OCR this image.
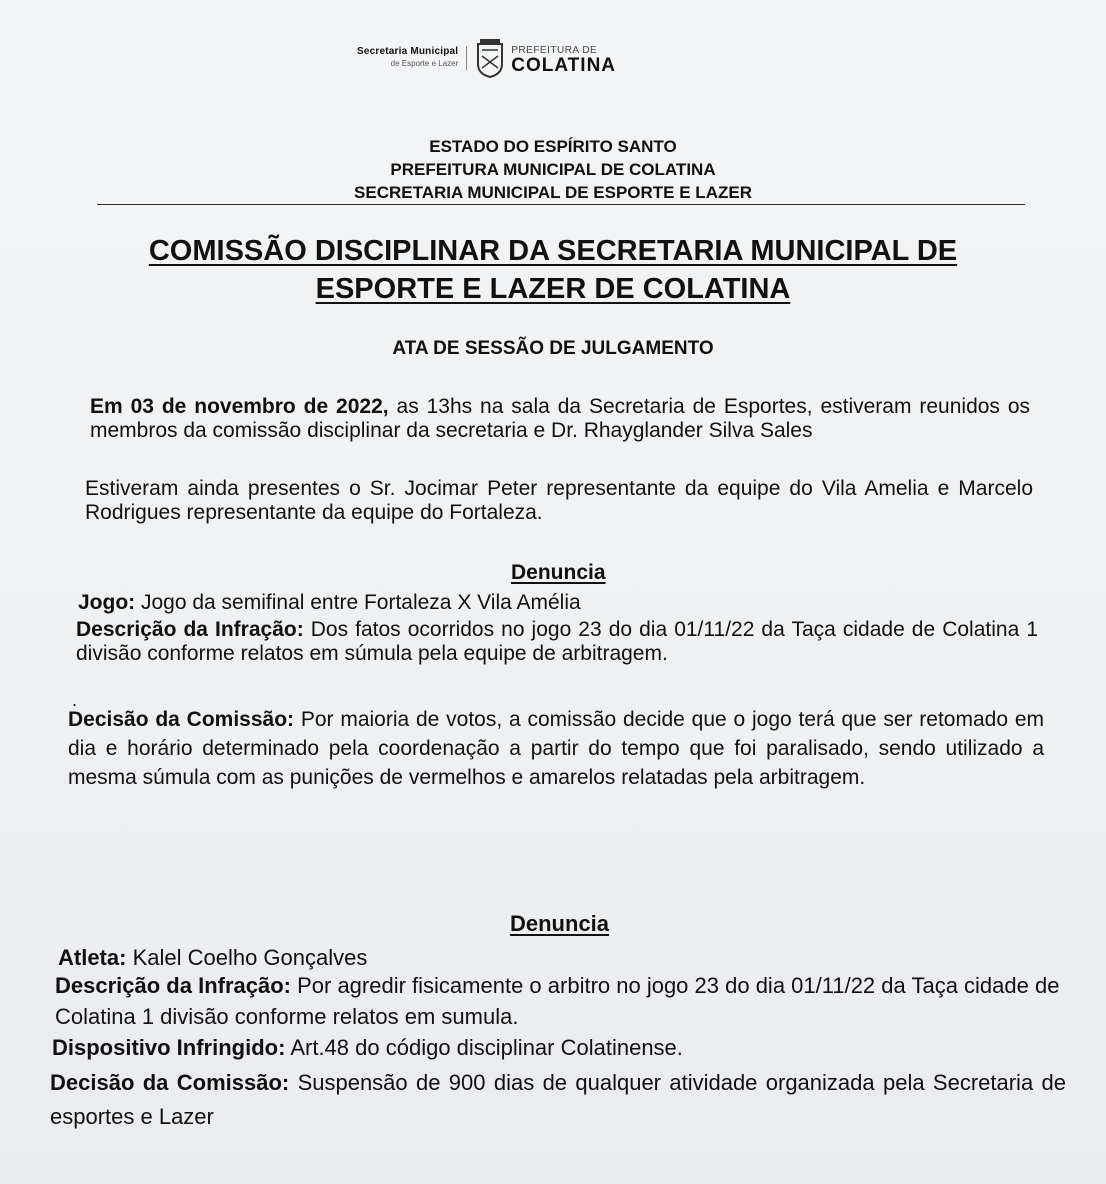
Secretaria Municipal
de Esporte e Lazer
PREFEITURA DE
COLATINA
ESTADO DO ESPÍRITO SANTO
PREFEITURA MUNICIPAL DE COLATINA
SECRETARIA MUNICIPAL DE ESPORTE E LAZER
COMISSÃO DISCIPLINAR DA SECRETARIA MUNICIPAL DE
ESPORTE E LAZER DE COLATINA
ATA DE SESSÃO DE JULGAMENTO
Em 03 de novembro de 2022, as 13hs na sala da Secretaria de Esportes, estiveram reunidos os membros da comissão disciplinar da secretaria e Dr. Rhayglander Silva Sales
Estiveram ainda presentes o Sr. Jocimar Peter representante da equipe do Vila Amelia e Marcelo Rodrigues representante da equipe do Fortaleza.
Denuncia
Jogo: Jogo da semifinal entre Fortaleza X Vila Amélia
Descrição da Infração: Dos fatos ocorridos no jogo 23 do dia 01/11/22 da Taça cidade de Colatina 1 divisão conforme relatos em súmula pela equipe de arbitragem.
.
Decisão da Comissão: Por maioria de votos, a comissão decide que o jogo terá que ser retomado em dia e horário determinado pela coordenação a partir do tempo que foi paralisado, sendo utilizado a mesma súmula com as punições de vermelhos e amarelos relatadas pela arbitragem.
Denuncia
Atleta: Kalel Coelho Gonçalves
Descrição da Infração: Por agredir fisicamente o arbitro no jogo 23 do dia 01/11/22 da Taça cidade de Colatina 1 divisão conforme relatos em sumula.
Dispositivo Infringido: Art.48 do código disciplinar Colatinense.
Decisão da Comissão: Suspensão de 900 dias de qualquer atividade organizada pela Secretaria de esportes e Lazer
